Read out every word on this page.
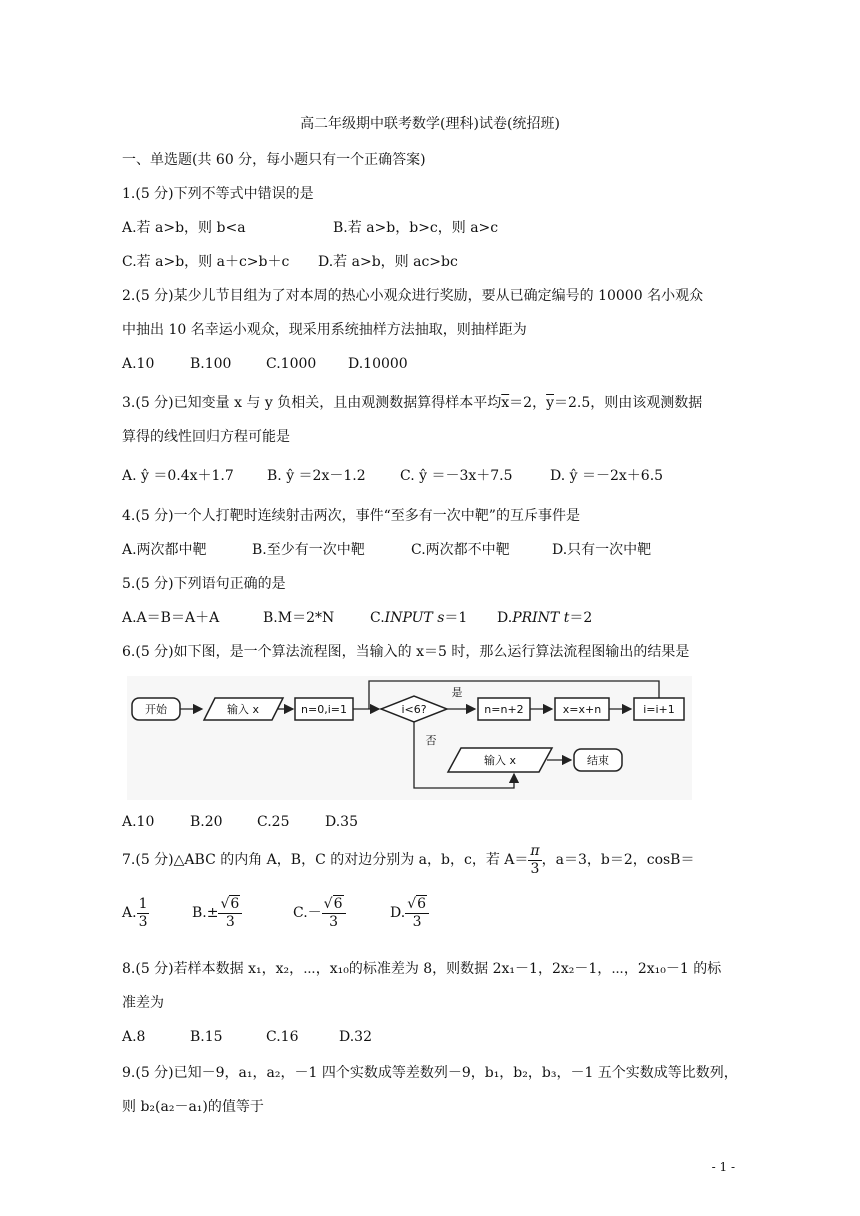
高二年级期中联考数学(理科)试卷(统招班)
一、单选题(共 60 分，每小题只有一个正确答案)
1.(5 分)下列不等式中错误的是
A.若 a>b，则 b<a	B.若 a>b，b>c，则 a>c
C.若 a>b，则 a＋c>b＋c D.若 a>b，则 ac>bc
2.(5 分)某少儿节目组为了对本周的热心小观众进行奖励，要从已确定编号的 10000 名小观众
中抽出 10 名幸运小观众，现采用系统抽样方法抽取，则抽样距为
A.10	B.100 C.1000 D.10000
3.(5 分)已知变量 x 与 y 负相关，且由观测数据算得样本平均$\overline{x}=2$，$\overline{y}=2.5$，则由该观测数据
算得的线性回归方程可能是
A. ŷ ＝0.4x＋1.7 B. ŷ ＝2x－1.2 C. ŷ ＝－3x＋7.5	D. ŷ ＝－2x＋6.5
4.(5 分)一个人打靶时连续射击两次，事件“至多有一次中靶”的互斥事件是
A.两次都中靶	B.至少有一次中靶	C.两次都不中靶	D.只有一次中靶
5.(5 分)下列语句正确的是
A.A＝B＝A＋A	B.M＝2*N	C.INPUT s＝1 D.PRINT t＝2
6.(5 分)如下图，是一个算法流程图，当输入的 x＝5 时，那么运行算法流程图输出的结果是
开始	输入 x	n=0,i=1	i<6?
是
n=n+2	x=x+n	i=i+1
否
输入 x	结束
A.10	B.20 C.25	D.35
7.(5 分)△ABC 的内角 A，B，C 的对边分别为 a，b，c，若 $A= \frac{\pi}{3}$ ，a＝3，b＝2，cosB＝
A. $\frac{1}{3}$	$B.\pm \frac{√6}{3}$	$C.- \frac{√6}{3}$	D. $\frac{√6}{3}$
8.(5 分)若样本数据 x₁，x₂，⋯，x₁₀的标准差为 8，则数据 2x₁－1，2x₂－1，⋯，2x₁₀－1 的标
准差为
A.8	B.15	C.16	D.32
9.(5 分)已知－9，a₁，a₂，－1 四个实数成等差数列－9，b₁，b₂，b₃，－1 五个实数成等比数列，
则 b₂(a₂－a₁)的值等于
- 1 -
